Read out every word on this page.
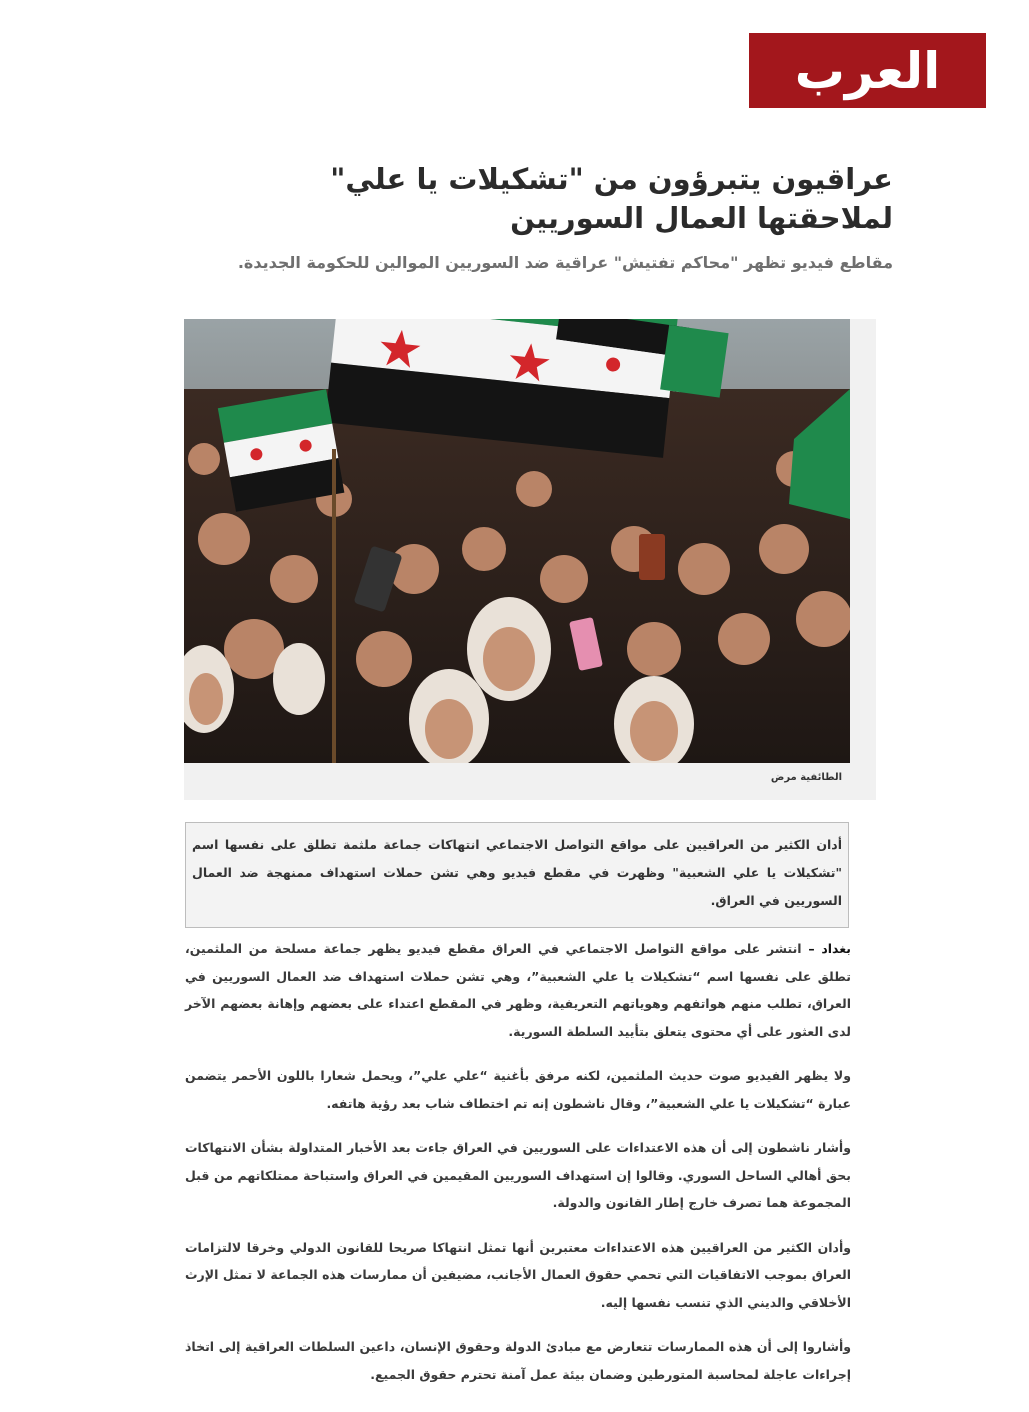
العرب
عراقيون يتبرؤون من "تشكيلات يا علي" لملاحقتها العمال السوريين
مقاطع فيديو تظهر "محاكم تفتيش" عراقية ضد السوريين الموالين للحكومة الجديدة.
الطائفية مرض

أدان الكثير من العراقيين على مواقع التواصل الاجتماعي انتهاكات جماعة ملثمة تطلق على نفسها اسم "تشكيلات يا علي الشعبية" وظهرت في مقطع فيديو وهي تشن حملات استهداف ممنهجة ضد العمال السوريين في العراق.

بغداد – انتشر على مواقع التواصل الاجتماعي في العراق مقطع فيديو يظهر جماعة مسلحة من الملثمين، تطلق على نفسها اسم “تشكيلات يا علي الشعبية”، وهي تشن حملات استهداف ضد العمال السوريين في العراق، تطلب منهم هواتفهم وهوياتهم التعريفية، وظهر في المقطع اعتداء على بعضهم وإهانة بعضهم الآخر لدى العثور على أي محتوى يتعلق بتأييد السلطة السورية.

ولا يظهر الفيديو صوت حديث الملثمين، لكنه مرفق بأغنية “علي علي”، ويحمل شعارا باللون الأحمر يتضمن عبارة “تشكيلات يا علي الشعبية”، وقال ناشطون إنه تم اختطاف شاب بعد رؤية هاتفه.

وأشار ناشطون إلى أن هذه الاعتداءات على السوريين في العراق جاءت بعد الأخبار المتداولة بشأن الانتهاكات بحق أهالي الساحل السوري. وقالوا إن استهداف السوريين المقيمين في العراق واستباحة ممتلكاتهم من قبل المجموعة هما تصرف خارج إطار القانون والدولة.

وأدان الكثير من العراقيين هذه الاعتداءات معتبرين أنها تمثل انتهاكا صريحا للقانون الدولي وخرقا لالتزامات العراق بموجب الاتفاقيات التي تحمي حقوق العمال الأجانب، مضيفين أن ممارسات هذه الجماعة لا تمثل الإرث الأخلاقي والديني الذي تنسب نفسها إليه.

وأشاروا إلى أن هذه الممارسات تتعارض مع مبادئ الدولة وحقوق الإنسان، داعين السلطات العراقية إلى اتخاذ إجراءات عاجلة لمحاسبة المتورطين وضمان بيئة عمل آمنة تحترم حقوق الجميع.
